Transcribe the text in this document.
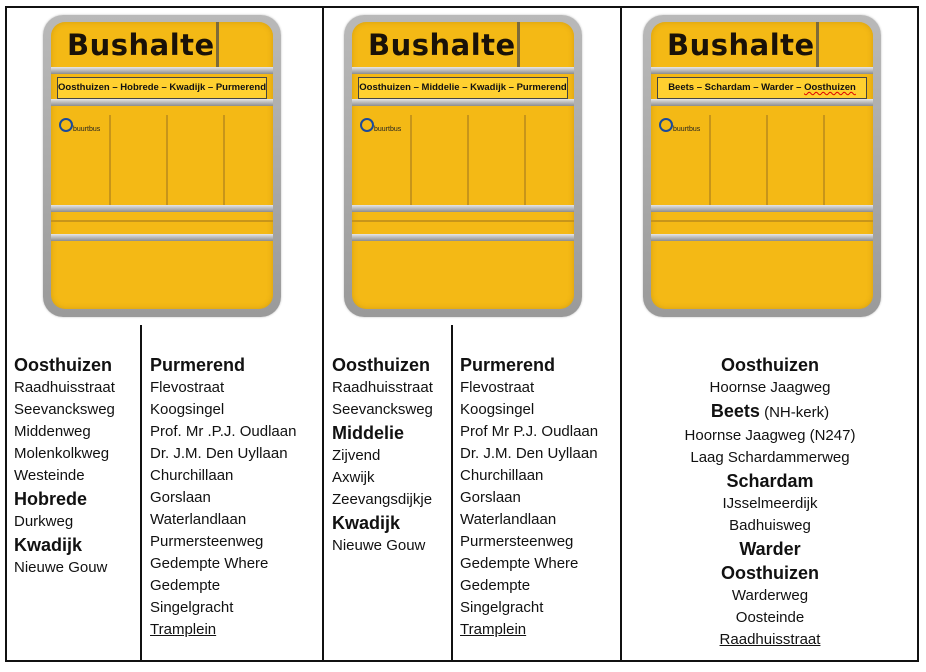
Bushalte
Oosthuizen – Hobrede – Kwadijk – Purmerend
buurtbus
Bushalte
Oosthuizen – Middelie – Kwadijk – Purmerend
buurtbus
Bushalte
Beets – Schardam – Warder – Oosthuizen
buurtbus
Oosthuizen
Raadhuisstraat
Seevancksweg
Middenweg
Molenkolkweg
Westeinde
Hobrede
Durkweg
Kwadijk
Nieuwe Gouw
Purmerend
Flevostraat
Koogsingel
Prof. Mr .P.J. Oudlaan
Dr. J.M. Den Uyllaan
Churchillaan
Gorslaan
Waterlandlaan
Purmersteenweg
Gedempte Where
Gedempte
Singelgracht
Tramplein
Oosthuizen
Raadhuisstraat
Seevancksweg
Middelie
Zijvend
Axwijk
Zeevangsdijkje
Kwadijk
Nieuwe Gouw
Purmerend
Flevostraat
Koogsingel
Prof Mr P.J. Oudlaan
Dr. J.M. Den Uyllaan
Churchillaan
Gorslaan
Waterlandlaan
Purmersteenweg
Gedempte Where
Gedempte
Singelgracht
Tramplein
Oosthuizen
Hoornse Jaagweg
Beets (NH-kerk)
Hoornse Jaagweg (N247)
Laag Schardammerweg
Schardam
IJsselmeerdijk
Badhuisweg
Warder
Oosthuizen
Warderweg
Oosteinde
Raadhuisstraat
